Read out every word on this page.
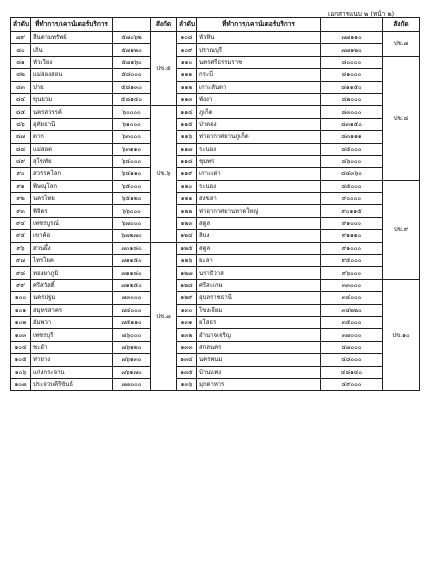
เอกสารแนบ ๒ (หน้า ๒)
ลำดับ	ที่ทำการ/เคาน์เตอร์บริการ		สังกัด		ลำดับ	ที่ทำการ/เคาน์เตอร์บริการ		สังกัด
๗๙	ลืนตามทรัพย์	๕๗๐๖๒	ปข.๕		๑๐๘	หัวหิน	๗๗๑๑๐	ปข.๗
๘๐	เถิน	๕๗๑๒๐		๑๐๙	ปราณบุรี	๗๗๑๒๐	
๘๑	หัวเวียง	๕๗๑๖๐		๑๑๐	นครศรีธรรมราช	๘๐๐๐๐	ปข.๘
๘๒	แม่ฮ่องสอน	๕๘๐๐๐		๑๑๑	กระบี่	๘๑๐๐๐	
๘๓	ปาย	๕๘๑๓๐		๑๑๒	เกาะลันตา	๘๑๑๕๐	
๘๔	ขุนยวม	๕๘๑๔๐		๑๑๓	พังงา	๘๒๐๐๐	
๘๕	นครสวรรค์	๖๐๐๐๐	ปข.๖		๑๑๔	ภูเก็ต	๘๓๐๐๐	
๘๖	อุทัยธานี	๖๑๐๐๐		๑๑๕	ป่าตอง	๘๓๑๕๐	
๘๗	ตาก	๖๓๐๐๐		๑๑๖	ท่าอากาศยานภูเก็ต	๘๓๑๑๑	
๘๘	แม่สอด	๖๓๑๑๐		๑๑๗	ระนอง	๘๕๐๐๐	
๘๙	สุโขทัย	๖๔๐๐๐		๑๑๘	ชุมพร	๘๖๐๐๐	
๙๐	สวรรคโลก	๖๔๑๑๐		๑๑๙	เกาะเต่า	๘๔๓๖๐	
๙๑	พิษณุโลก	๖๕๐๐๐		๑๒๐	ระนอง	๘๕๐๐๐	ปข.๙
๙๒	นครไทย	๖๕๑๒๐		๑๒๑	สงขลา	๙๐๐๐๐	
๙๓	พิจิตร	๖๖๐๐๐		๑๒๒	ท่าอากาศยานหาดใหญ่	๙๐๑๑๕	
๙๔	เพชรบูรณ์	๖๗๐๐๐		๑๒๓	สตูล	๙๑๐๐๐	
๙๕	เขาค้อ	๖๗๒๗๐		๑๒๔	ลิบง	๙๑๑๑๐	
๙๖	สวนผึ้ง	๗๐๑๘๐	ปข.๗		๑๒๕	สตูล	๙๑๐๐๐	
๙๗	ไทรโยค	๗๑๑๕๐		๑๒๖	ยะลา	๙๕๐๐๐	
๙๘	ทองผาภูมิ	๗๑๑๘๐		๑๒๗	นราธิวาส	๙๖๐๐๐	
๙๙	ศรีสวัสดิ์	๗๑๒๕๐		๑๒๘	ศรีสะเกษ	๓๓๐๐๐	ปข.๑๐
๑๐๐	นครปฐม	๗๓๐๐๐		๑๒๙	อุบลราชธานี	๓๔๐๐๐	
๑๐๑	สมุทรสาคร	๗๔๐๐๐		๑๓๐	โขงเจียม	๓๔๒๒๐	
๑๐๒	อัมพวา	๗๕๑๑๐		๑๓๑	ยโสธร	๓๕๐๐๐	
๑๐๓	เพชรบุรี	๗๖๐๐๐		๑๓๒	อำนาจเจริญ	๓๗๐๐๐	
๑๐๔	ชะอำ	๗๖๑๒๐		๑๓๓	สกลนคร	๔๗๐๐๐	
๑๐๕	ท่ายาง	๗๖๑๓๐		๑๓๔	นครพนม	๔๘๐๐๐	
๑๐๖	แก่งกระจาน	๗๖๑๗๐		๑๓๕	บ้านแพง	๔๘๑๔๐	
๑๐๗	ประจวบคีรีขันธ์	๗๗๐๐๐		๑๓๖	มุกดาหาร	๔๙๐๐๐	
